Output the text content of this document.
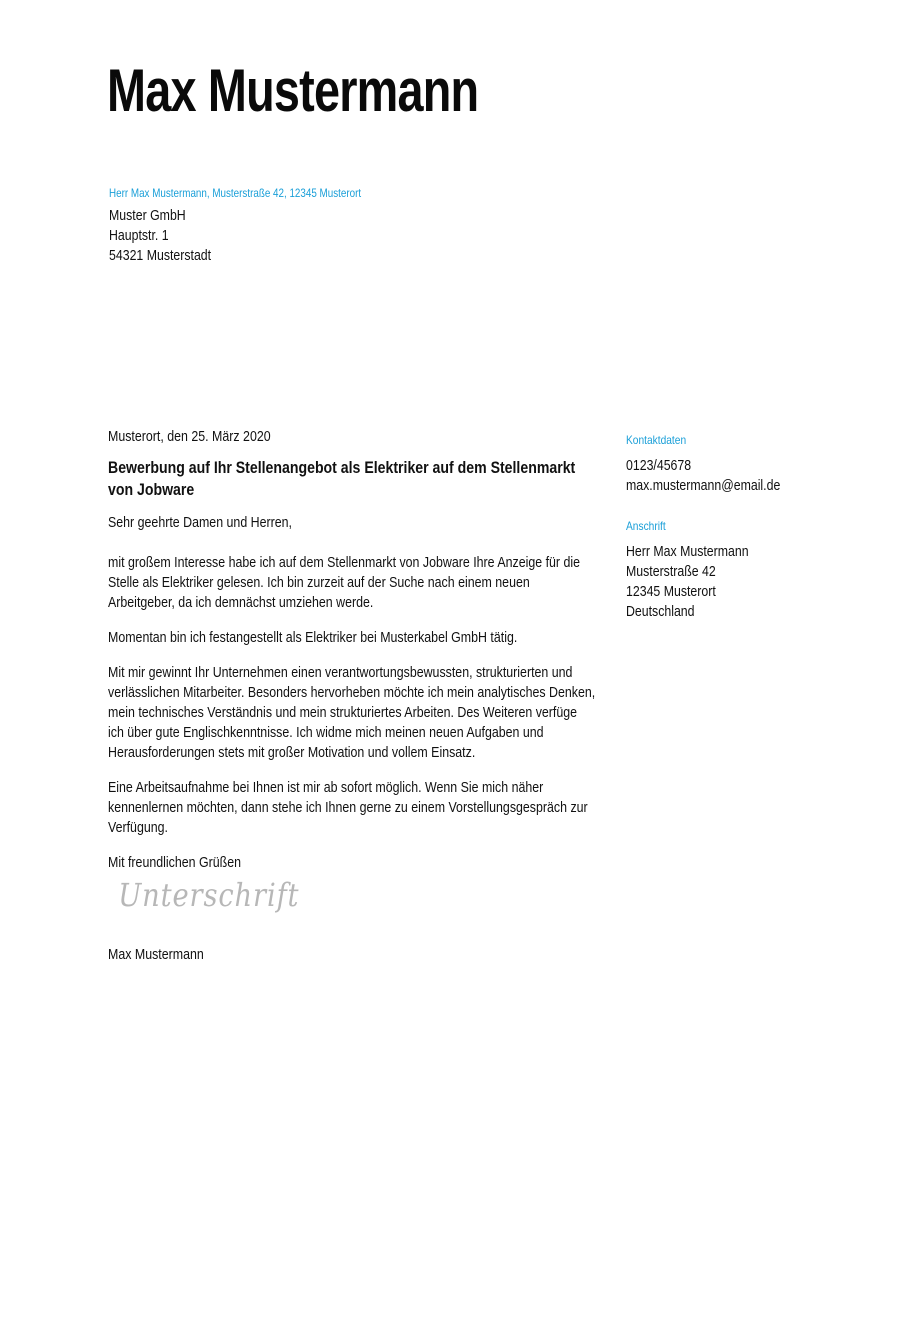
Max Mustermann
Herr Max Mustermann, Musterstraße 42, 12345 Musterort
Muster GmbH
Hauptstr. 1
54321 Musterstadt

Musterort, den 25. März 2020

Bewerbung auf Ihr Stellenangebot als Elektriker auf dem Stellenmarkt von Jobware

Sehr geehrte Damen und Herren,

mit großem Interesse habe ich auf dem Stellenmarkt von Jobware Ihre Anzeige für die Stelle als Elektriker gelesen. Ich bin zurzeit auf der Suche nach einem neuen Arbeitgeber, da ich demnächst umziehen werde.

Momentan bin ich festangestellt als Elektriker bei Musterkabel GmbH tätig.

Mit mir gewinnt Ihr Unternehmen einen verantwortungsbewussten, strukturierten und verlässlichen Mitarbeiter. Besonders hervorheben möchte ich mein analytisches Denken, mein technisches Verständnis und mein strukturiertes Arbeiten. Des Weiteren verfüge ich über gute Englischkenntnisse. Ich widme mich meinen neuen Aufgaben und Herausforderungen stets mit großer Motivation und vollem Einsatz.

Eine Arbeitsaufnahme bei Ihnen ist mir ab sofort möglich. Wenn Sie mich näher kennenlernen möchten, dann stehe ich Ihnen gerne zu einem Vorstellungsgespräch zur Verfügung.

Mit freundlichen Grüßen

Unterschrift

Max Mustermann

Kontaktdaten
0123/45678
max.mustermann@email.de
Anschrift
Herr Max Mustermann
Musterstraße 42
12345 Musterort
Deutschland
